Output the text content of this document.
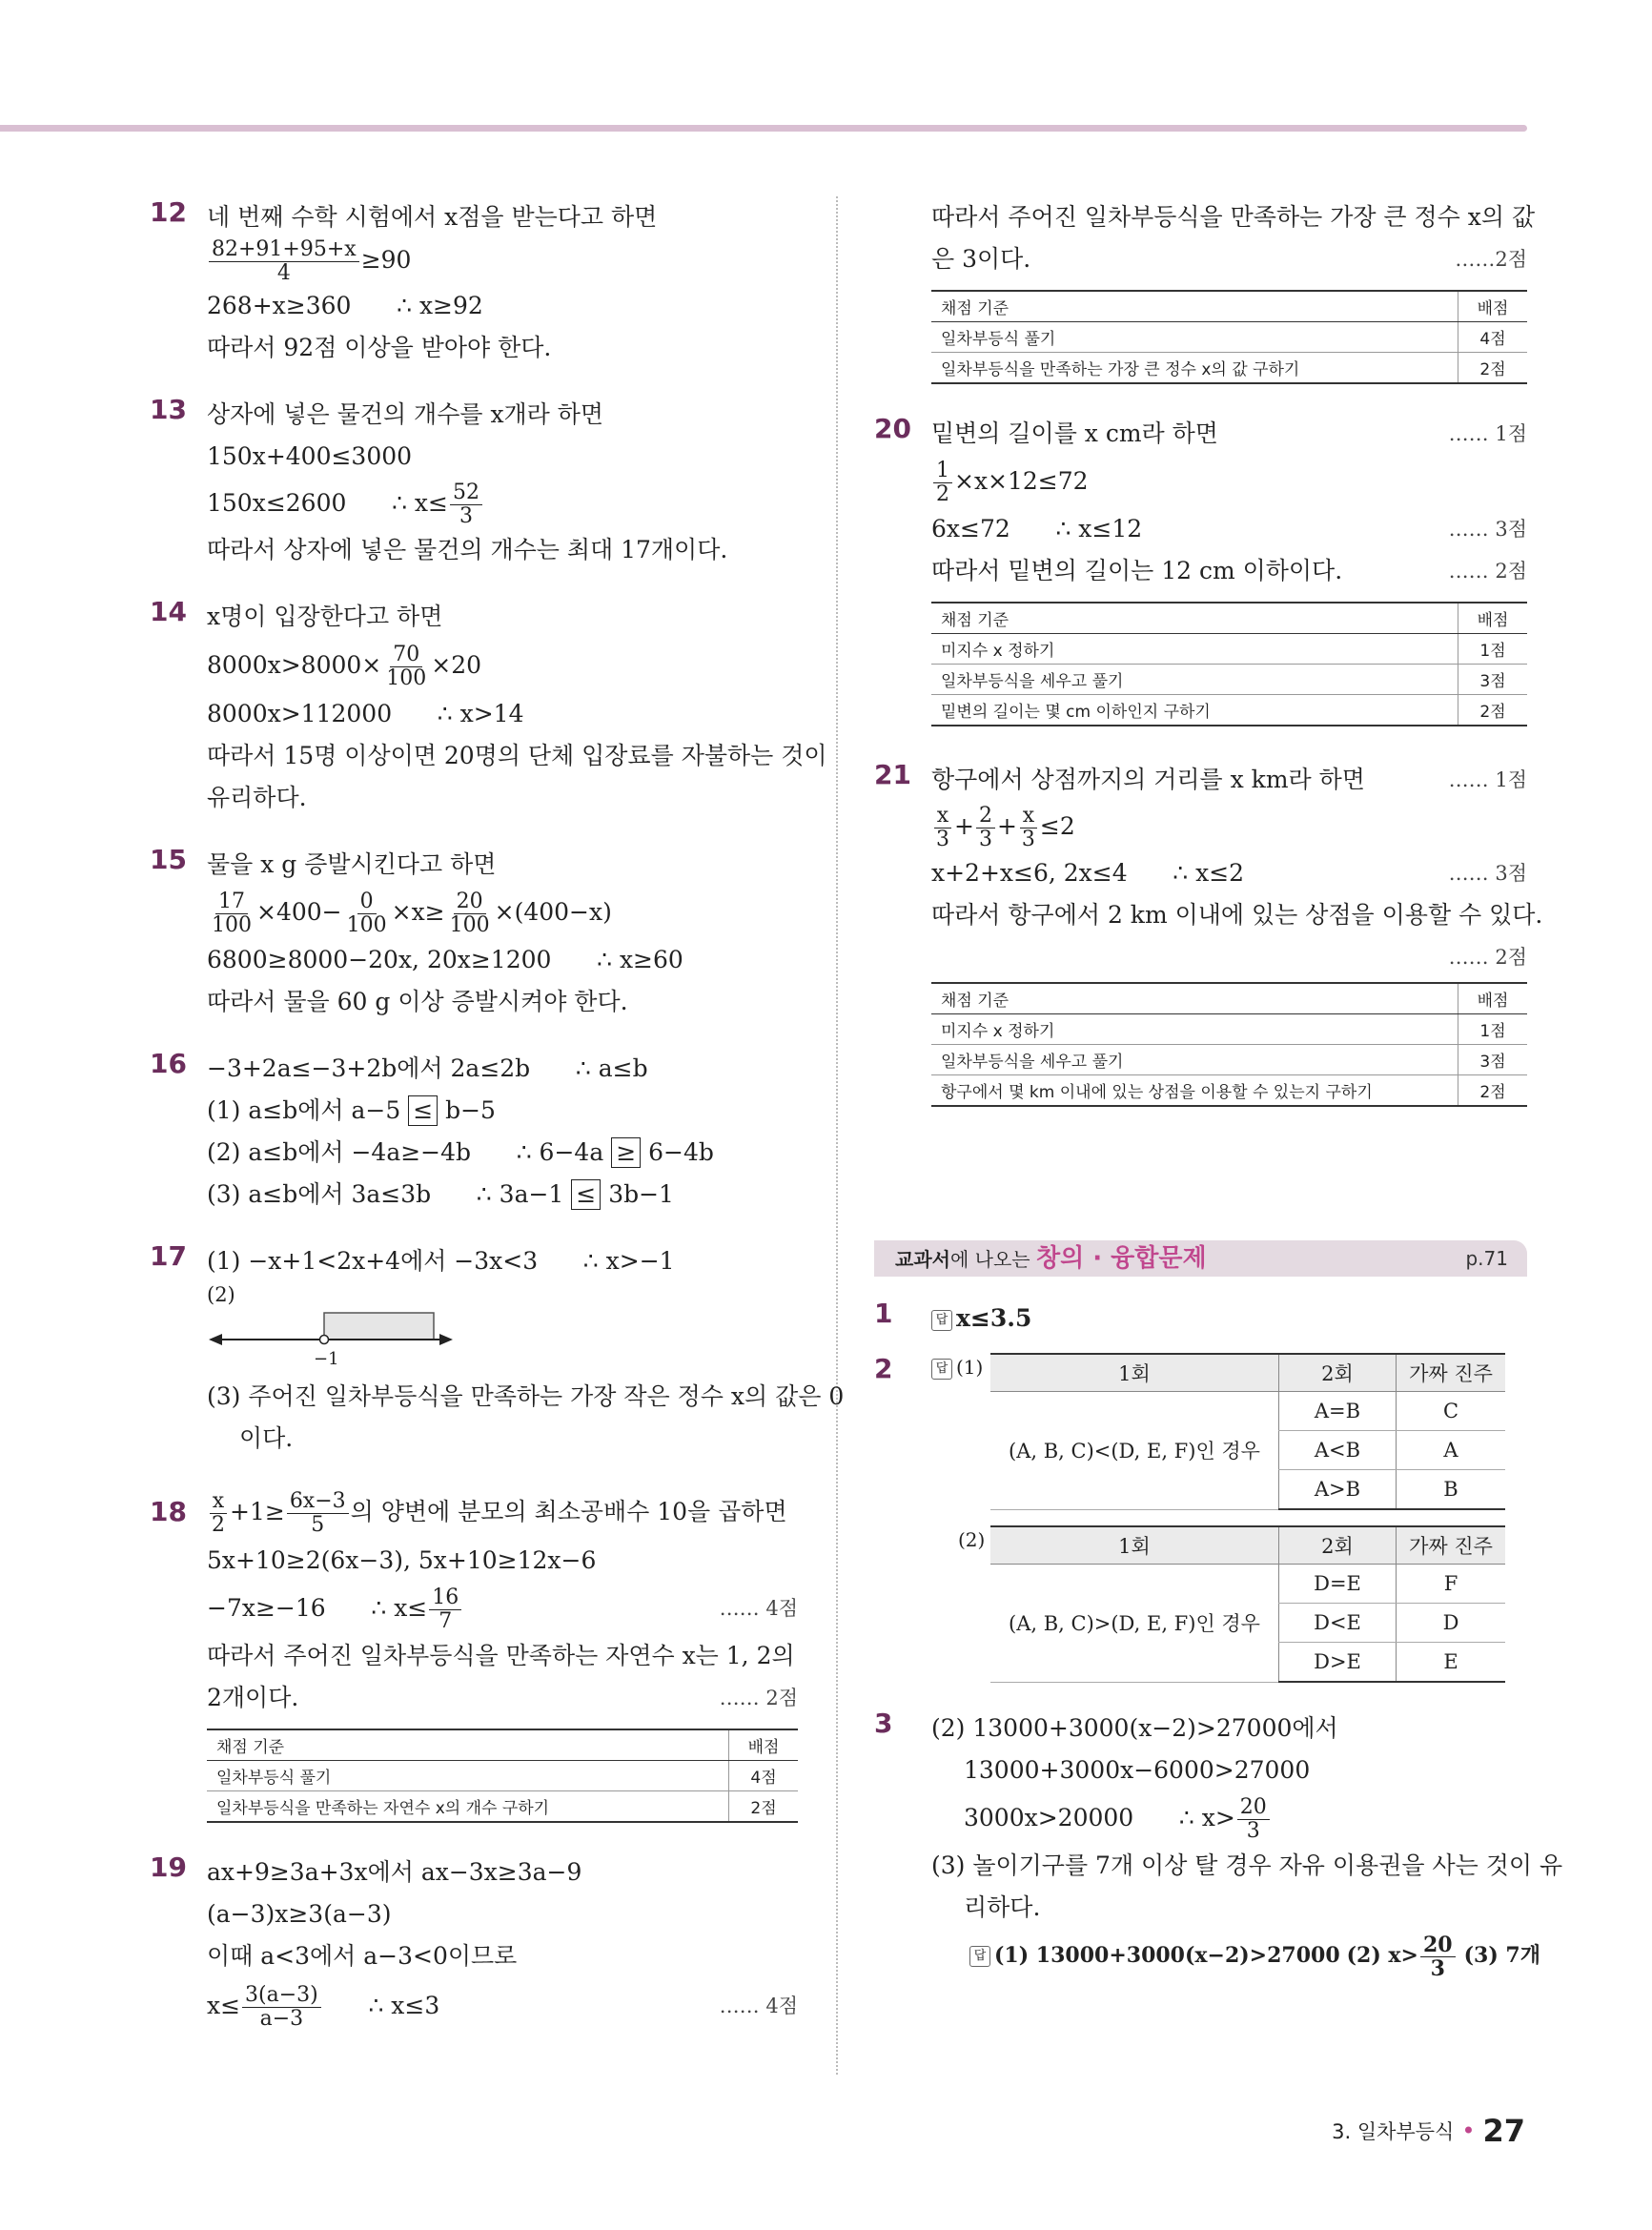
12 네 번째 수학 시험에서 x점을 받는다고 하면
$\frac{82+91+95+x}{4} \ge 90$
268+x≥360      ∴ x≥92
따라서 92점 이상을 받아야 한다.
13 상자에 넣은 물건의 개수를 x개라 하면
150x+400≤3000
150x≤2600      ∴ $x\le \frac{52}{3}$
따라서 상자에 넣은 물건의 개수는 최대 17개이다.
14 x명이 입장한다고 하면
$8000x>8000\times \frac{70}{100} \times 20$
8000x>112000      ∴ x>14
따라서 15명 이상이면 20명의 단체 입장료를 자불하는 것이
유리하다.
15 물을 x g 증발시킨다고 하면
$\frac{17}{100} \times 400- \frac{0}{100} \times x\ge \frac{20}{100} \times(400-x)$
6800≥8000−20x, 20x≥1200      ∴ x≥60
따라서 물을 60 g 이상 증발시켜야 한다.
16 −3+2a≤−3+2b에서 2a≤2b      ∴ a≤b
(1) a≤b에서 a−5 ≤ b−5
(2) a≤b에서 −4a≥−4b      ∴ 6−4a ≥ 6−4b
(3) a≤b에서 3a≤3b      ∴ 3a−1 ≤ 3b−1
17 (1) −x+1<2x+4에서 −3x<3      ∴ x>−1
(2)
−1
(3) 주어진 일차부등식을 만족하는 가장 작은 정수 x의 값은 0
이다.
$18 \frac{x}{2} +1\ge \frac{6x-3}{5}$ 의 양변에 분모의 최소공배수 10을 곱하면
5x+10≥2(6x−3), 5x+10≥12x−6
−7x≥−16      ∴ $x\le \frac{16}{7}$	…… 4점
따라서 주어진 일차부등식을 만족하는 자연수 x는 1, 2의
2개이다.	…… 2점
채점 기준	배점
일차부등식 풀기	4점
일차부등식을 만족하는 자연수 x의 개수 구하기	2점
19 ax+9≥3a+3x에서 ax−3x≥3a−9
(a−3)x≥3(a−3)
이때 a<3에서 a−3<0이므로
$x\le \frac{3(a-3)}{a-3}$ ∴ x≤3	…… 4점
따라서 주어진 일차부등식을 만족하는 가장 큰 정수 x의 값
은 3이다.	……2점
채점 기준	배점
일차부등식 풀기	4점
일차부등식을 만족하는 가장 큰 정수 x의 값 구하기	2점
20 밑변의 길이를 x cm라 하면	…… 1점
$\frac{1}{2} \times x\times 12\le 72$
6x≤72      ∴ x≤12	…… 3점
따라서 밑변의 길이는 12 cm 이하이다.	…… 2점
채점 기준	배점
미지수 x 정하기	1점
일차부등식을 세우고 풀기	3점
밑변의 길이는 몇 cm 이하인지 구하기	2점
21 항구에서 상점까지의 거리를 x km라 하면	…… 1점
$\frac{x}{3} + \frac{2}{3} + \frac{x}{3} \le 2$
x+2+x≤6, 2x≤4      ∴ x≤2	…… 3점
따라서 항구에서 2 km 이내에 있는 상점을 이용할 수 있다.
…… 2점
채점 기준	배점
미지수 x 정하기	1점
일차부등식을 세우고 풀기	3점
항구에서 몇 km 이내에 있는 상점을 이용할 수 있는지 구하기	2점
교과서에 나오는 창의 · 융합문제	p.71
1	답 x≤3.5
2	답 (1)	1회	2회	가짜 진주
(A, B, C)<(D, E, F)인 경우	A=B	C
	A<B	A
	A>B	B
(2)	1회	2회	가짜 진주
(A, B, C)>(D, E, F)인 경우	D=E	F
	D<E	D
	D>E	E
3 (2) 13000+3000(x−2)>27000에서
13000+3000x−6000>27000
3000x>20000      ∴ $x> \frac{20}{3}$
(3) 놀이기구를 7개 이상 탈 경우 자유 이용권을 사는 것이 유
리하다.
답 (1) 13000+3000(x−2)>27000 (2) $x> \frac{20}{3} (3)$ 7개
3. 일차부등식 • 27
